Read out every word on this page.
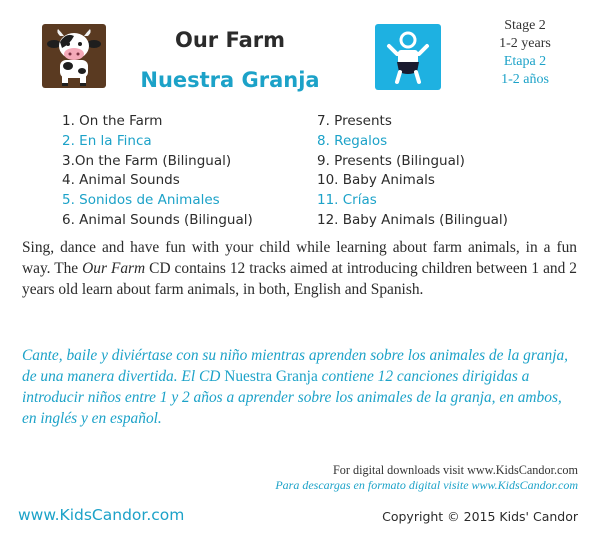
Our Farm
Nuestra Granja
Stage 2
1-2 years
Etapa 2
1-2 años
1. On the Farm
2. En la Finca
3.On the Farm (Bilingual)
4. Animal Sounds
5. Sonidos de Animales
6. Animal Sounds (Bilingual)
7. Presents
8. Regalos
9. Presents (Bilingual)
10. Baby Animals
11. Crías
12. Baby Animals (Bilingual)
Sing, dance and have fun with your child while learning about farm animals, in a fun way. The Our Farm CD contains 12 tracks aimed at introducing children between 1 and 2 years old learn about farm animals, in both, English and Spanish.
Cante, baile y diviértase con su niño mientras aprenden sobre los animales de la granja, de una manera divertida. El CD Nuestra Granja contiene 12 canciones dirigidas a introducir niños entre 1 y 2 años a aprender sobre los animales de la granja, en ambos, en inglés y en español.
For digital downloads visit www.KidsCandor.com
Para descargas en formato digital visite www.KidsCandor.com
www.KidsCandor.com	Copyright © 2015 Kids' Candor
